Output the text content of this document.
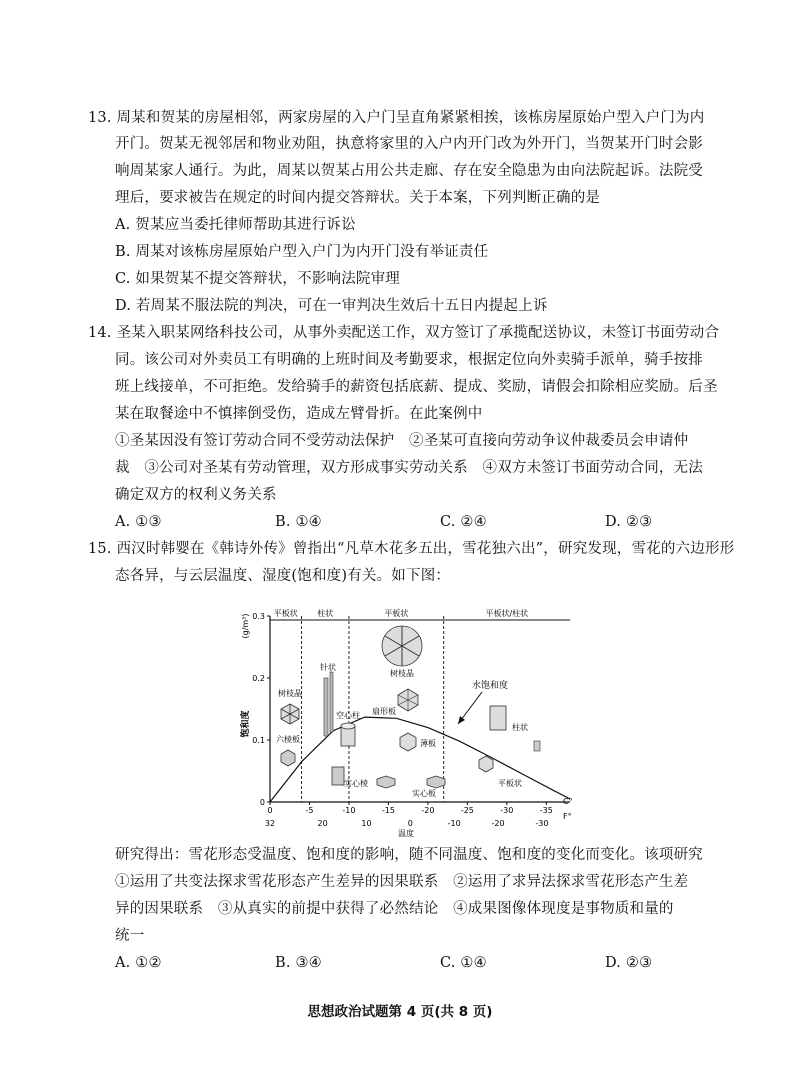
13. 周某和贺某的房屋相邻，两家房屋的入户门呈直角紧紧相挨，该栋房屋原始户型入户门为内
开门。贺某无视邻居和物业劝阻，执意将家里的入户内开门改为外开门，当贺某开门时会影
响周某家人通行。为此，周某以贺某占用公共走廊、存在安全隐患为由向法院起诉。法院受
理后，要求被告在规定的时间内提交答辩状。关于本案，下列判断正确的是
A. 贺某应当委托律师帮助其进行诉讼
B. 周某对该栋房屋原始户型入户门为内开门没有举证责任
C. 如果贺某不提交答辩状，不影响法院审理
D. 若周某不服法院的判决，可在一审判决生效后十五日内提起上诉
14. 圣某入职某网络科技公司，从事外卖配送工作，双方签订了承揽配送协议，未签订书面劳动合
同。该公司对外卖员工有明确的上班时间及考勤要求，根据定位向外卖骑手派单，骑手按排
班上线接单，不可拒绝。发给骑手的薪资包括底薪、提成、奖励，请假会扣除相应奖励。后圣
某在取餐途中不慎摔倒受伤，造成左臂骨折。在此案例中
①圣某因没有签订劳动合同不受劳动法保护　②圣某可直接向劳动争议仲裁委员会申请仲
裁　③公司对圣某有劳动管理，双方形成事实劳动关系　④双方未签订书面劳动合同，无法
确定双方的权利义务关系
A. ①③	B. ①④	C. ②④	D. ②③
15. 西汉时韩婴在《韩诗外传》曾指出“凡草木花多五出，雪花独六出”，研究发现，雪花的六边形形
态各异，与云层温度、湿度(饱和度)有关。如下图：
(g/m³)
饱和度
平板状 柱状	平板状	平板状/柱状
0
0.1
0.2
0.3
0	-5	-10	-15	-20	-25	-30	-35
32	20	10	0	-10	-20	-30
水饱和度
树枝晶
针状
空心柱
六棱板
实心棱
扇形板
薄板
实心板
树枝晶
柱状
平板状
C°
F°
温度
研究得出：雪花形态受温度、饱和度的影响，随不同温度、饱和度的变化而变化。该项研究
①运用了共变法探求雪花形态产生差异的因果联系　②运用了求异法探求雪花形态产生差
异的因果联系　③从真实的前提中获得了必然结论　④成果图像体现度是事物质和量的
统一
A. ①②	B. ③④	C. ①④	D. ②③
思想政治试题第 4 页(共 8 页)
